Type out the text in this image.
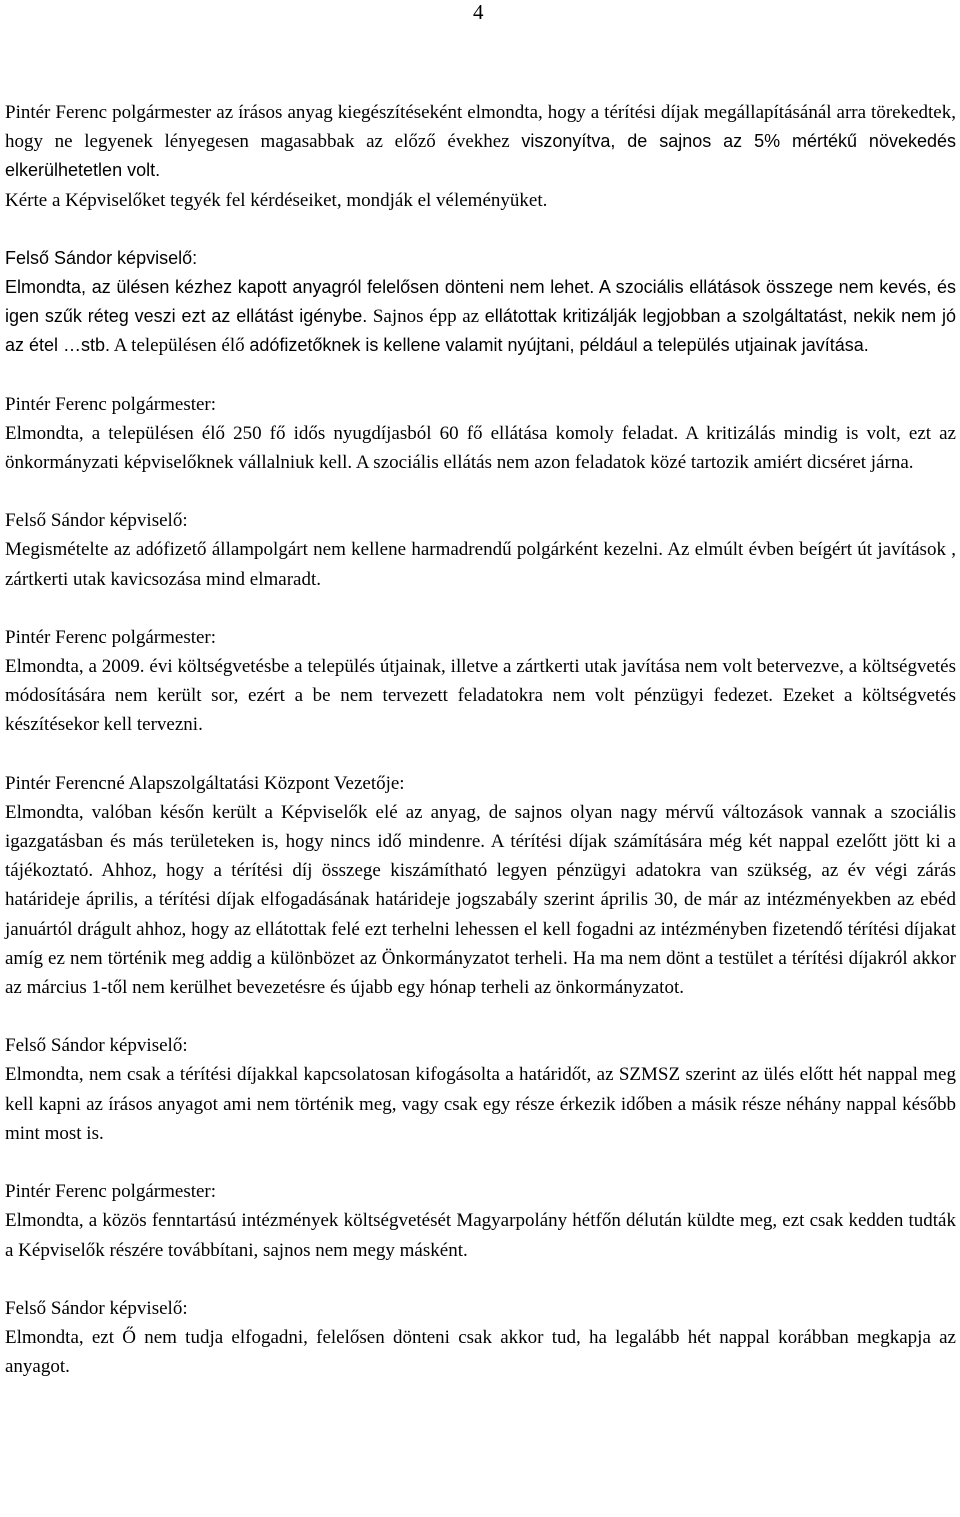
4

Pintér Ferenc polgármester az írásos anyag kiegészítéseként elmondta, hogy a térítési díjak megállapításánál arra törekedtek, hogy ne legyenek lényegesen magasabbak az előző évekhez viszonyítva, de sajnos az 5% mértékű növekedés elkerülhetetlen volt.
Kérte a Képviselőket tegyék fel kérdéseiket, mondják el véleményüket.

Felső Sándor képviselő:

Elmondta, az ülésen kézhez kapott anyagról felelősen dönteni nem lehet. A szociális ellátások összege nem kevés, és igen szűk réteg veszi ezt az ellátást igénybe. Sajnos épp az ellátottak kritizálják legjobban a szolgáltatást, nekik nem jó az étel …stb. A településen élő adófizetőknek is kellene valamit nyújtani, például a település utjainak javítása.

Pintér Ferenc polgármester:

Elmondta, a településen élő 250 fő idős nyugdíjasból 60 fő ellátása komoly feladat. A kritizálás mindig is volt, ezt az önkormányzati képviselőknek vállalniuk kell. A szociális ellátás nem azon feladatok közé tartozik amiért dicséret járna.

Felső Sándor képviselő:

Megismételte az adófizető állampolgárt nem kellene harmadrendű polgárként kezelni. Az elmúlt évben beígért út javítások , zártkerti utak kavicsozása mind elmaradt.

Pintér Ferenc polgármester:

Elmondta, a 2009. évi költségvetésbe a település útjainak, illetve a zártkerti utak javítása nem volt betervezve, a költségvetés módosítására nem került sor, ezért a be nem tervezett feladatokra nem volt pénzügyi fedezet. Ezeket a költségvetés készítésekor kell tervezni.

Pintér Ferencné Alapszolgáltatási Központ Vezetője:

Elmondta, valóban későn került a Képviselők elé az anyag, de sajnos olyan nagy mérvű változások vannak a szociális igazgatásban és más területeken is, hogy nincs idő mindenre. A térítési díjak számítására még két nappal ezelőtt jött ki a tájékoztató. Ahhoz, hogy a térítési díj összege kiszámítható legyen pénzügyi adatokra van szükség, az év végi zárás határideje április, a térítési díjak elfogadásának határideje jogszabály szerint április 30, de már az intézményekben az ebéd januártól drágult ahhoz, hogy az ellátottak felé ezt terhelni lehessen el kell fogadni az intézményben fizetendő térítési díjakat amíg ez nem történik meg addig a különbözet az Önkormányzatot terheli. Ha ma nem dönt a testület a térítési díjakról akkor az március 1-től nem kerülhet bevezetésre és újabb egy hónap terheli az önkormányzatot.

Felső Sándor képviselő:

Elmondta, nem csak a térítési díjakkal kapcsolatosan kifogásolta a határidőt, az SZMSZ szerint az ülés előtt hét nappal meg kell kapni az írásos anyagot ami nem történik meg, vagy csak egy része érkezik időben a másik része néhány nappal később mint most is.

Pintér Ferenc polgármester:

Elmondta, a közös fenntartású intézmények költségvetését Magyarpolány hétfőn délután küldte meg, ezt csak kedden tudták a Képviselők részére továbbítani, sajnos nem megy másként.

Felső Sándor képviselő:

Elmondta, ezt Ő nem tudja elfogadni, felelősen dönteni csak akkor tud, ha legalább hét nappal korábban megkapja az anyagot.
